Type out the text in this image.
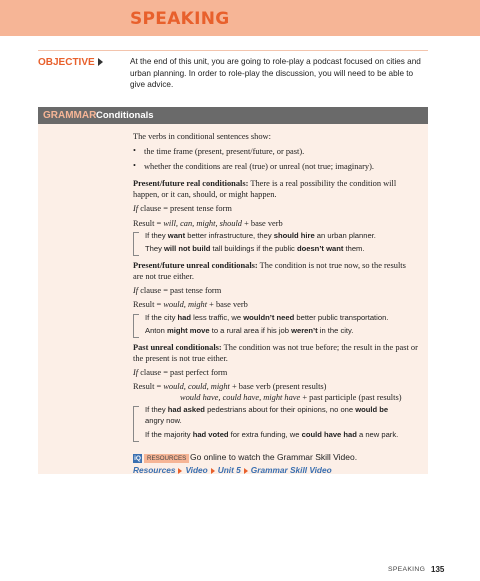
SPEAKING
OBJECTIVE	At the end of this unit, you are going to role-play a podcast focused on cities and urban planning. In order to role-play the discussion, you will need to be able to give advice.
GRAMMAR Conditionals
The verbs in conditional sentences show:
• the time frame (present, present/future, or past).
• whether the conditions are real (true) or unreal (not true; imaginary).
Present/future real conditionals: There is a real possibility the condition will happen, or it can, should, or might happen.
If clause = present tense form
Result = will, can, might, should + base verb
If they want better infrastructure, they should hire an urban planner.
They will not build tall buildings if the public doesn’t want them.
Present/future unreal conditionals: The condition is not true now, so the results are not true either.
If clause = past tense form
Result = would, might + base verb
If the city had less traffic, we wouldn’t need better public transportation.
Anton might move to a rural area if his job weren’t in the city.
Past unreal conditionals: The condition was not true before; the result in the past or the present is not true either.
If clause = past perfect form
Result = would, could, might + base verb (present results)
would have, could have, might have + past participle (past results)
If they had asked pedestrians about for their opinions, no one would be angry now.
If the majority had voted for extra funding, we could have had a new park.
iQ RESOURCES Go online to watch the Grammar Skill Video.
Resources Video Unit 5 Grammar Skill Video
SPEAKING 135
